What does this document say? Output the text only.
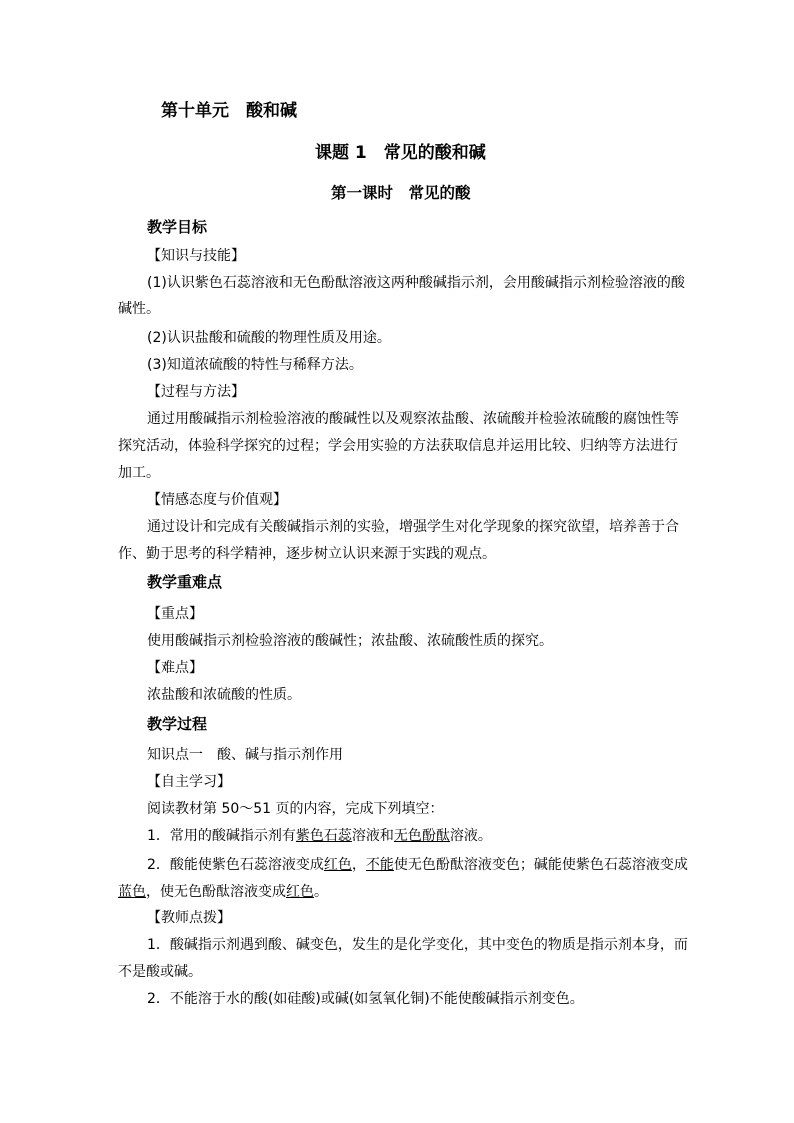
第十单元　酸和碱
课题 1　常见的酸和碱
第一课时　常见的酸
教学目标
【知识与技能】
(1)认识紫色石蕊溶液和无色酚酞溶液这两种酸碱指示剂，会用酸碱指示剂检验溶液的酸
碱性。
(2)认识盐酸和硫酸的物理性质及用途。
(3)知道浓硫酸的特性与稀释方法。
【过程与方法】
通过用酸碱指示剂检验溶液的酸碱性以及观察浓盐酸、浓硫酸并检验浓硫酸的腐蚀性等
探究活动，体验科学探究的过程；学会用实验的方法获取信息并运用比较、归纳等方法进行
加工。
【情感态度与价值观】
通过设计和完成有关酸碱指示剂的实验，增强学生对化学现象的探究欲望，培养善于合
作、勤于思考的科学精神，逐步树立认识来源于实践的观点。
教学重难点
【重点】
使用酸碱指示剂检验溶液的酸碱性；浓盐酸、浓硫酸性质的探究。
【难点】
浓盐酸和浓硫酸的性质。
教学过程
知识点一　酸、碱与指示剂作用
【自主学习】
阅读教材第 50～51 页的内容，完成下列填空：
1．常用的酸碱指示剂有紫色石蕊溶液和无色酚酞溶液。
2．酸能使紫色石蕊溶液变成红色，不能使无色酚酞溶液变色；碱能使紫色石蕊溶液变成
蓝色，使无色酚酞溶液变成红色。
【教师点拨】
1．酸碱指示剂遇到酸、碱变色，发生的是化学变化，其中变色的物质是指示剂本身，而
不是酸或碱。
2．不能溶于水的酸(如硅酸)或碱(如氢氧化铜)不能使酸碱指示剂变色。
